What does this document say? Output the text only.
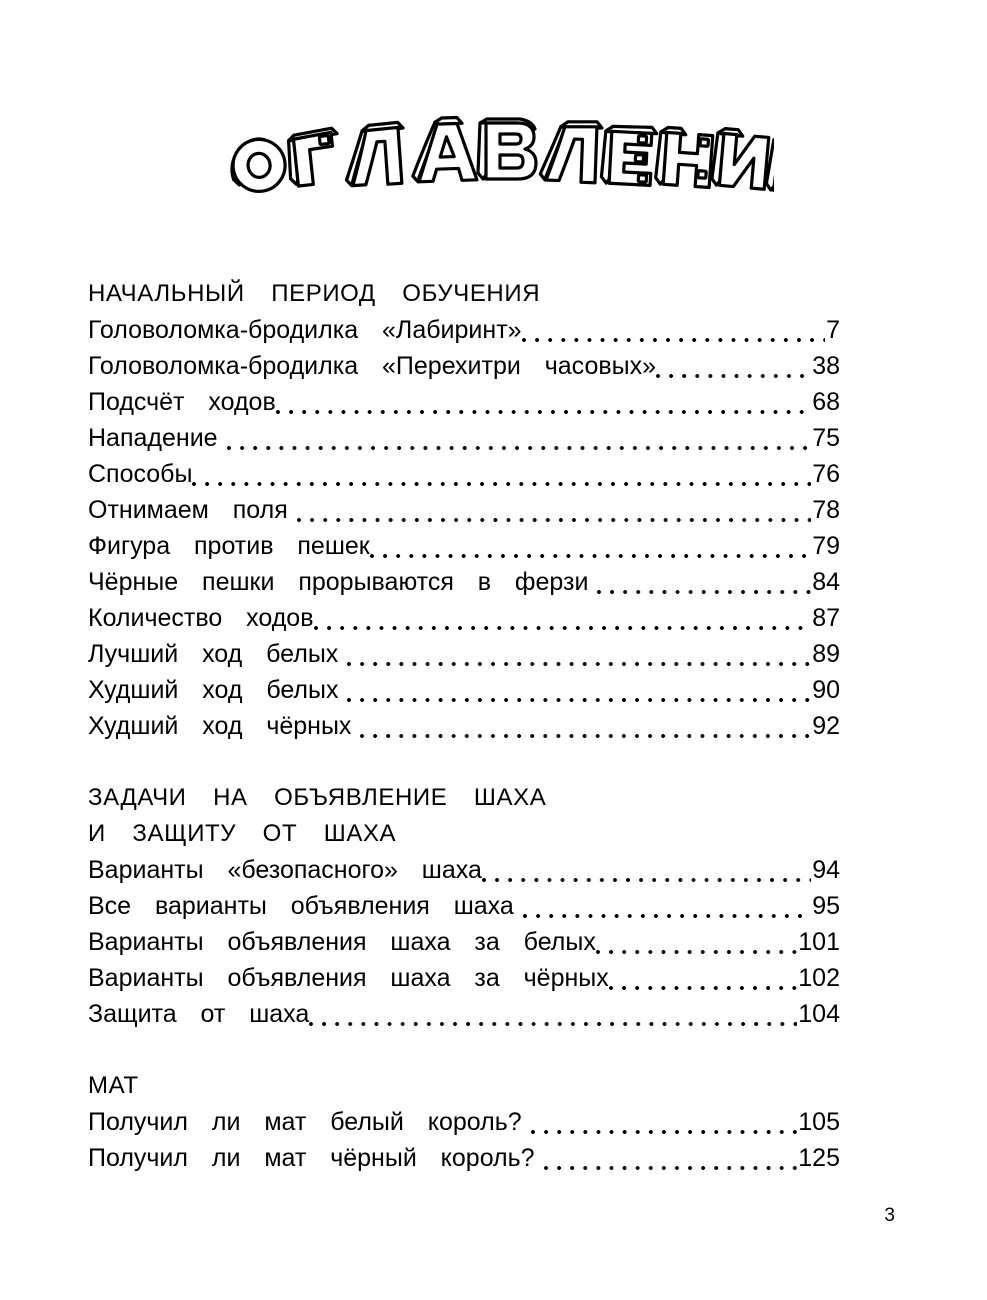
НАЧАЛЬНЫЙ  ПЕРИОД  ОБУЧЕНИЯ
Головоломка-бродилка  «Лабиринт»	7
Головоломка-бродилка  «Перехитри  часовых»	38
Подсчёт  ходов	68
Нападение	75
Способы	76
Отнимаем  поля	78
Фигура  против  пешек	79
Чёрные  пешки  прорываются  в  ферзи	84
Количество  ходов	87
Лучший  ход  белых	89
Худший  ход  белых	90
Худший  ход  чёрных	92
ЗАДАЧИ  НА  ОБЪЯВЛЕНИЕ  ШАХА
И  ЗАЩИТУ  ОТ  ШАХА
Варианты  «безопасного»  шаха	94
Все  варианты  объявления  шаха	95
Варианты  объявления  шаха  за  белых	101
Варианты  объявления  шаха  за  чёрных	102
Защита  от  шаха	104
МАТ
Получил  ли  мат  белый  король?	105
Получил  ли  мат  чёрный  король?	125
3
